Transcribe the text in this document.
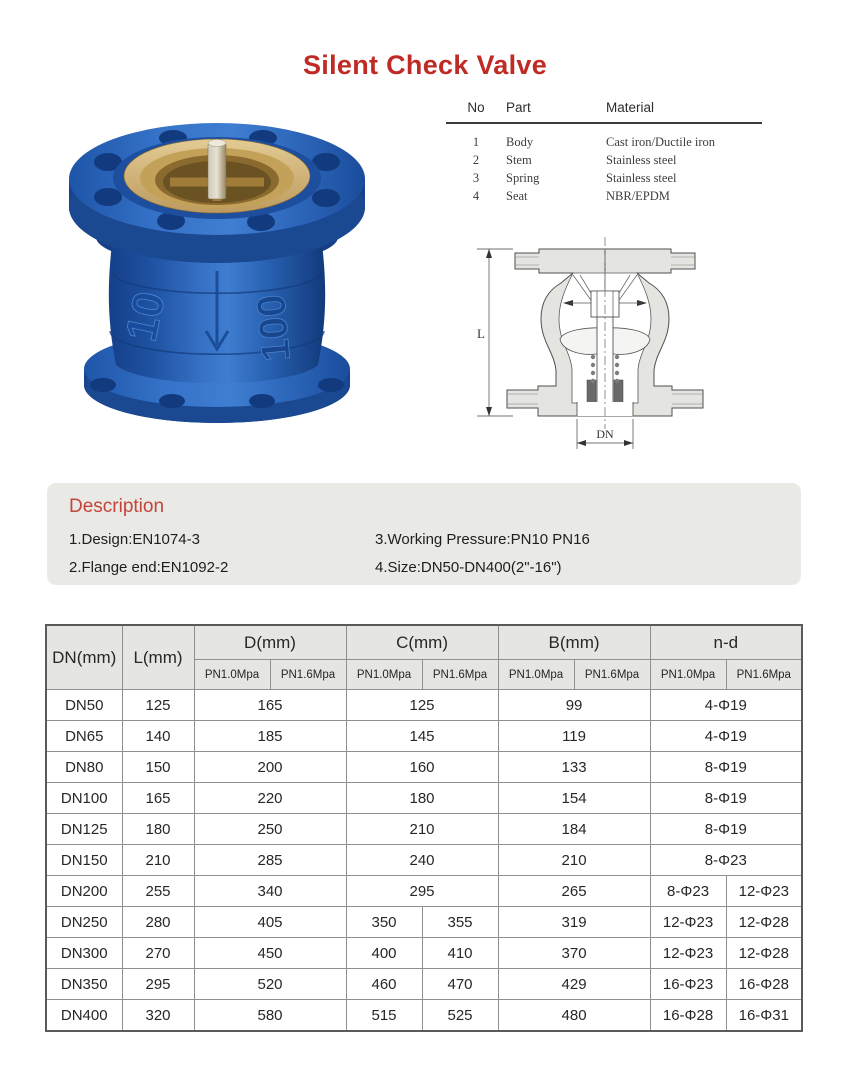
Silent Check Valve
10 100
No	Part	Material
1	Body	Cast iron/Ductile iron
2	Stem	Stainless steel
3	Spring	Stainless steel
4	Seat	NBR/EPDM
L
DN
Description
1.Design:EN1074-3
2.Flange end:EN1092-2
3.Working Pressure:PN10 PN16
4.Size:DN50-DN400(2"-16")
DN(mm)	L(mm)	D(mm)		C(mm)		B(mm)		n-d	
		PN1.0Mpa	PN1.6Mpa	PN1.0Mpa	PN1.6Mpa	PN1.0Mpa	PN1.6Mpa	PN1.0Mpa	PN1.6Mpa
DN50	125	165		125		99		4-Φ19	
DN65	140	185		145		119		4-Φ19	
DN80	150	200		160		133		8-Φ19	
DN100	165	220		180		154		8-Φ19	
DN125	180	250		210		184		8-Φ19	
DN150	210	285		240		210		8-Φ23	
DN200	255	340		295		265		8-Φ23	12-Φ23
DN250	280	405		350	355	319		12-Φ23	12-Φ28
DN300	270	450		400	410	370		12-Φ23	12-Φ28
DN350	295	520		460	470	429		16-Φ23	16-Φ28
DN400	320	580		515	525	480		16-Φ28	16-Φ31
